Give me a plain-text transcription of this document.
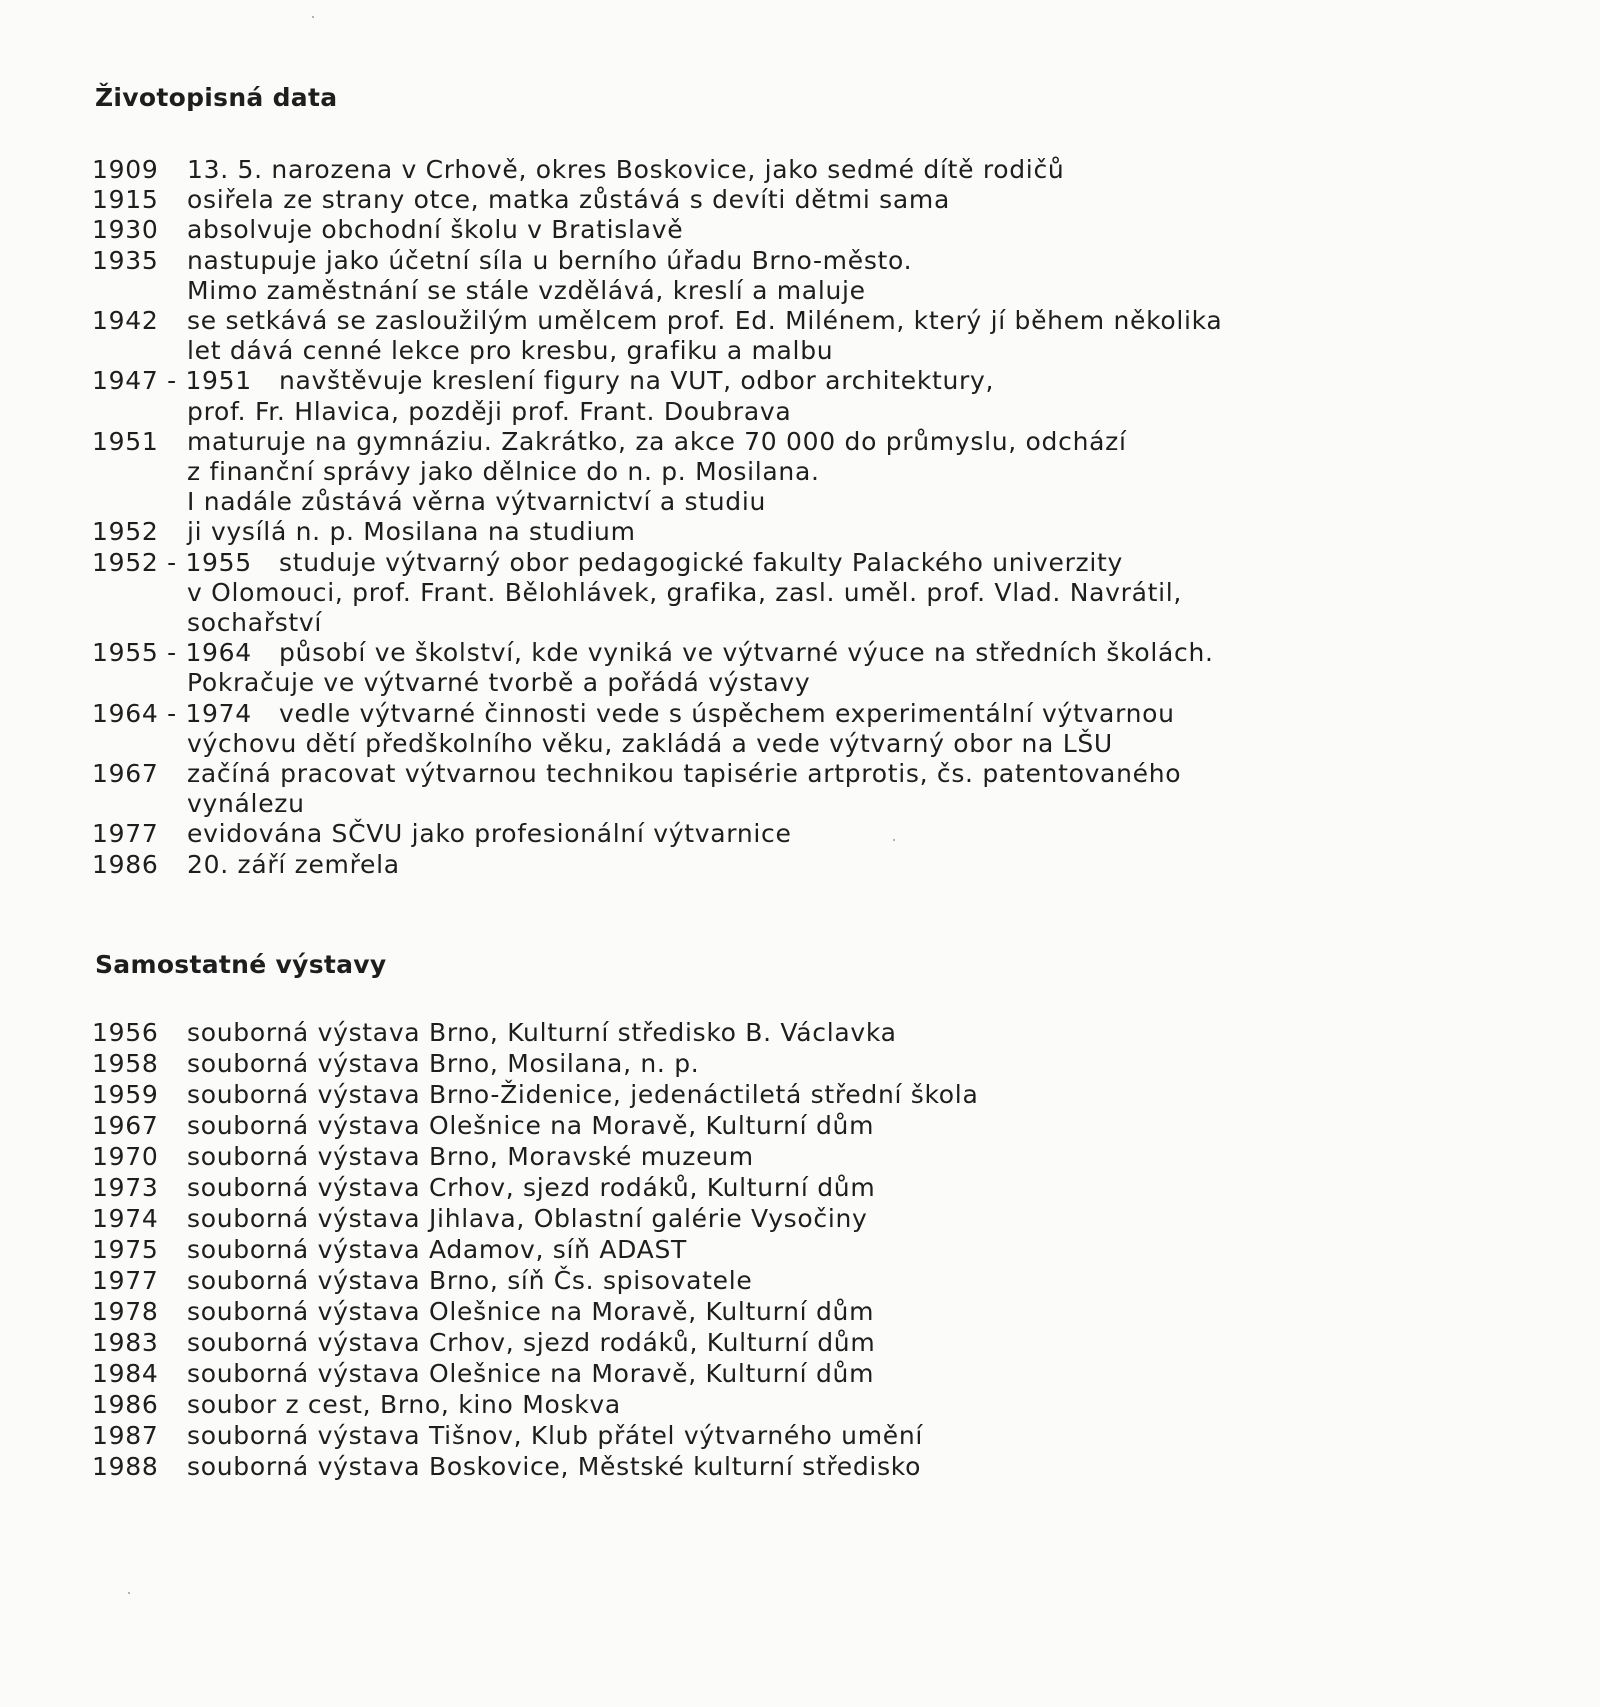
Životopisná data
1909	13. 5. narozena v Crhově, okres Boskovice, jako sedmé dítě rodičů
1915	osiřela ze strany otce, matka zůstává s devíti dětmi sama
1930	absolvuje obchodní školu v Bratislavě
1935	nastupuje jako účetní síla u berního úřadu Brno-město.
Mimo zaměstnání se stále vzdělává, kreslí a maluje
1942	se setkává se zasloužilým umělcem prof. Ed. Milénem, který jí během několika
let dává cenné lekce pro kresbu, grafiku a malbu
1947 - 1951	navštěvuje kreslení figury na VUT, odbor architektury,
prof. Fr. Hlavica, později prof. Frant. Doubrava
1951	maturuje na gymnáziu. Zakrátko, za akce 70 000 do průmyslu, odchází
z finanční správy jako dělnice do n. p. Mosilana.
I nadále zůstává věrna výtvarnictví a studiu
1952	ji vysílá n. p. Mosilana na studium
1952 - 1955	studuje výtvarný obor pedagogické fakulty Palackého univerzity
v Olomouci, prof. Frant. Bělohlávek, grafika, zasl. uměl. prof. Vlad. Navrátil,
sochařství
1955 - 1964	působí ve školství, kde vyniká ve výtvarné výuce na středních školách.
Pokračuje ve výtvarné tvorbě a pořádá výstavy
1964 - 1974	vedle výtvarné činnosti vede s úspěchem experimentální výtvarnou
výchovu dětí předškolního věku, zakládá a vede výtvarný obor na LŠU
1967	začíná pracovat výtvarnou technikou tapisérie artprotis, čs. patentovaného
vynálezu
1977	evidována SČVU jako profesionální výtvarnice
1986	20. září zemřela
Samostatné výstavy
1956	souborná výstava Brno, Kulturní středisko B. Václavka
1958	souborná výstava Brno, Mosilana, n. p.
1959	souborná výstava Brno-Židenice, jedenáctiletá střední škola
1967	souborná výstava Olešnice na Moravě, Kulturní dům
1970	souborná výstava Brno, Moravské muzeum
1973	souborná výstava Crhov, sjezd rodáků, Kulturní dům
1974	souborná výstava Jihlava, Oblastní galérie Vysočiny
1975	souborná výstava Adamov, síň ADAST
1977	souborná výstava Brno, síň Čs. spisovatele
1978	souborná výstava Olešnice na Moravě, Kulturní dům
1983	souborná výstava Crhov, sjezd rodáků, Kulturní dům
1984	souborná výstava Olešnice na Moravě, Kulturní dům
1986	soubor z cest, Brno, kino Moskva
1987	souborná výstava Tišnov, Klub přátel výtvarného umění
1988	souborná výstava Boskovice, Městské kulturní středisko
